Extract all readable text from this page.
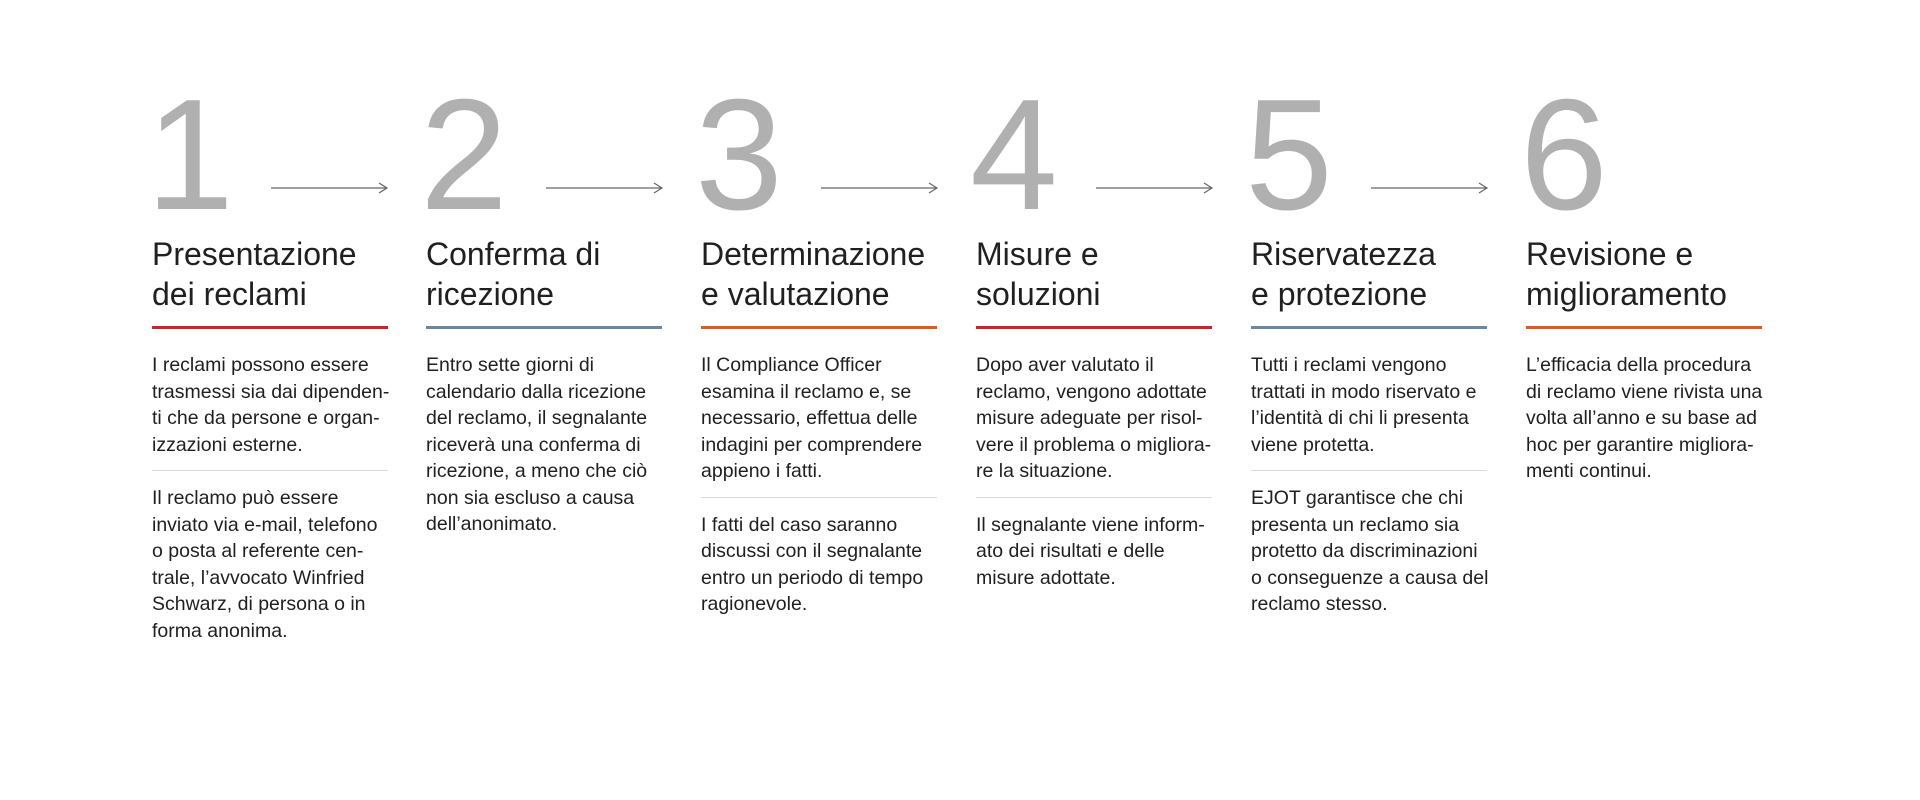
1
Presentazione
dei reclami

I reclami possono essere
trasmessi sia dai dipenden-
ti che da persone e organ-
izzazioni esterne.

Il reclamo può essere
inviato via e-mail, telefono
o posta al referente cen-
trale, l’avvocato Winfried
Schwarz, di persona o in
forma anonima.

2
Conferma di
ricezione

Entro sette giorni di
calendario dalla ricezione
del reclamo, il segnalante
riceverà una conferma di
ricezione, a meno che ciò
non sia escluso a causa
dell’anonimato.

3
Determinazione
e valutazione

Il Compliance Officer
esamina il reclamo e, se
necessario, effettua delle
indagini per comprendere
appieno i fatti.

I fatti del caso saranno
discussi con il segnalante
entro un periodo di tempo
ragionevole.

4
Misure e
soluzioni

Dopo aver valutato il
reclamo, vengono adottate
misure adeguate per risol-
vere il problema o migliora-
re la situazione.

Il segnalante viene inform-
ato dei risultati e delle
misure adottate.

5
Riservatezza
e protezione

Tutti i reclami vengono
trattati in modo riservato e
l’identità di chi li presenta
viene protetta.

EJOT garantisce che chi
presenta un reclamo sia
protetto da discriminazioni
o conseguenze a causa del
reclamo stesso.

6
Revisione e
miglioramento

L’efficacia della procedura
di reclamo viene rivista una
volta all’anno e su base ad
hoc per garantire migliora-
menti continui.
